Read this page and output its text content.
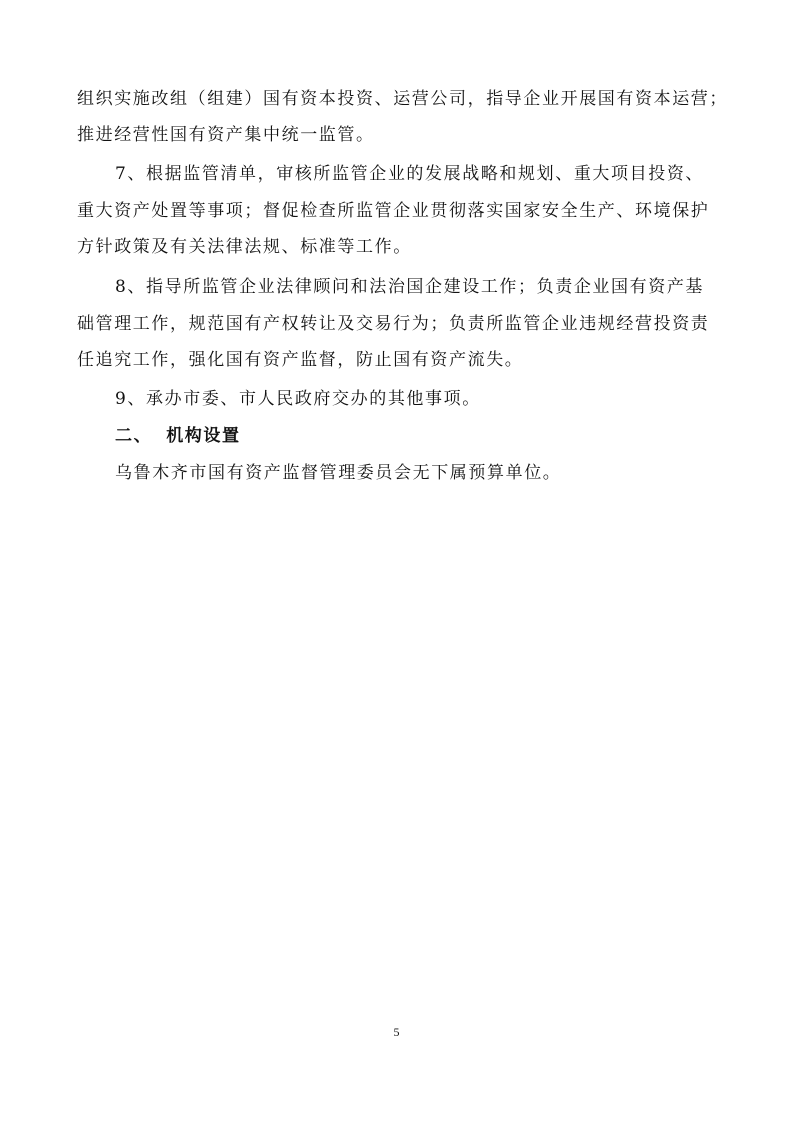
组织实施改组（组建）国有资本投资、运营公司，指导企业开展国有资本运营；
推进经营性国有资产集中统一监管。
7、根据监管清单，审核所监管企业的发展战略和规划、重大项目投资、
重大资产处置等事项；督促检查所监管企业贯彻落实国家安全生产、环境保护
方针政策及有关法律法规、标准等工作。
8、指导所监管企业法律顾问和法治国企建设工作；负责企业国有资产基
础管理工作，规范国有产权转让及交易行为；负责所监管企业违规经营投资责
任追究工作，强化国有资产监督，防止国有资产流失。
9、承办市委、市人民政府交办的其他事项。
二、 机构设置
乌鲁木齐市国有资产监督管理委员会无下属预算单位。
5
